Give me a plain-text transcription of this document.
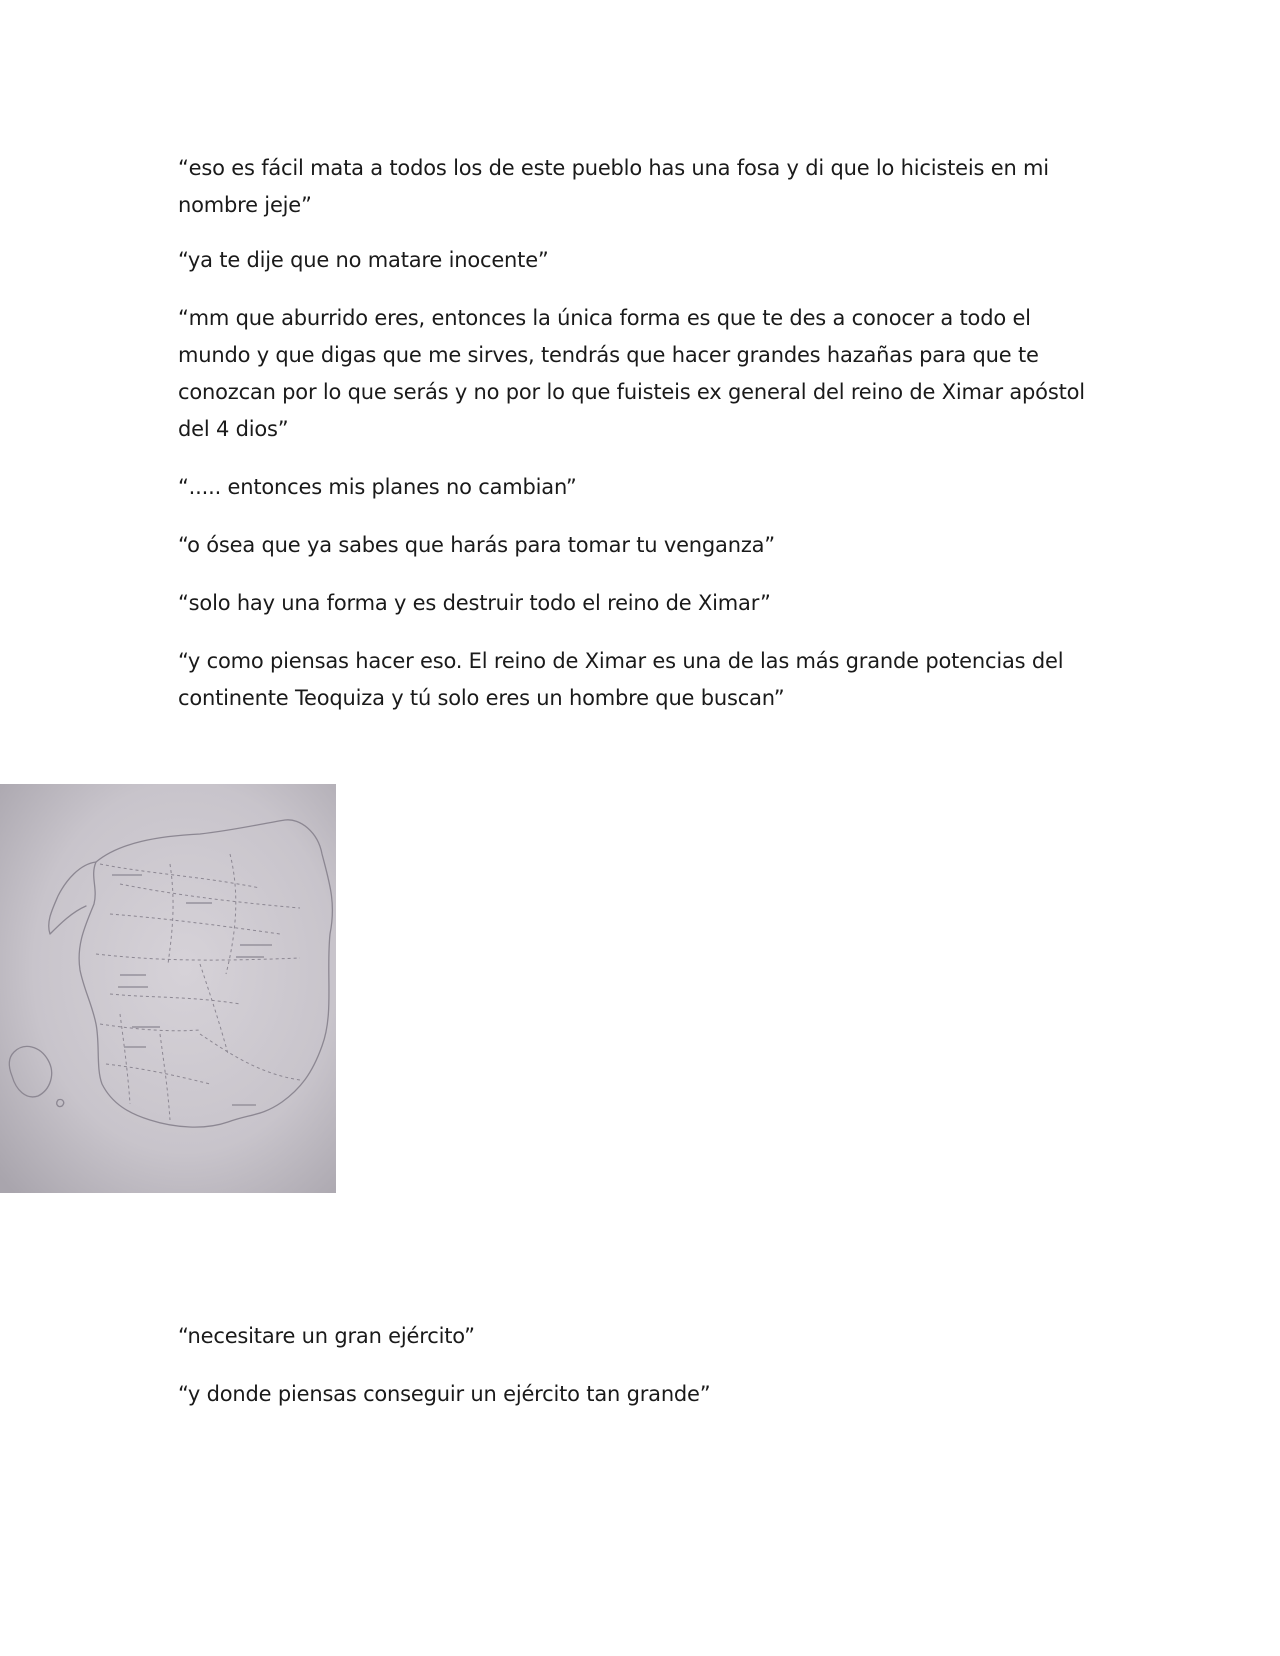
“eso es fácil mata a todos los de este pueblo has una fosa y di que lo hicisteis en mi nombre jeje”

“ya te dije que no matare inocente”

“mm que aburrido eres, entonces la única forma es que te des a conocer a todo el mundo y que digas que me sirves, tendrás que hacer grandes hazañas para que te conozcan por lo que serás y no por lo que fuisteis ex general del reino de Ximar apóstol del 4 dios”

“..... entonces mis planes no cambian”

“o ósea que ya sabes que harás para tomar tu venganza”

“solo hay una forma y es destruir todo el reino de Ximar”

“y como piensas hacer eso. El reino de Ximar es una de las más grande potencias del continente Teoquiza y tú solo eres un hombre que buscan”

“necesitare un gran ejército”

“y donde piensas conseguir un ejército tan grande”
